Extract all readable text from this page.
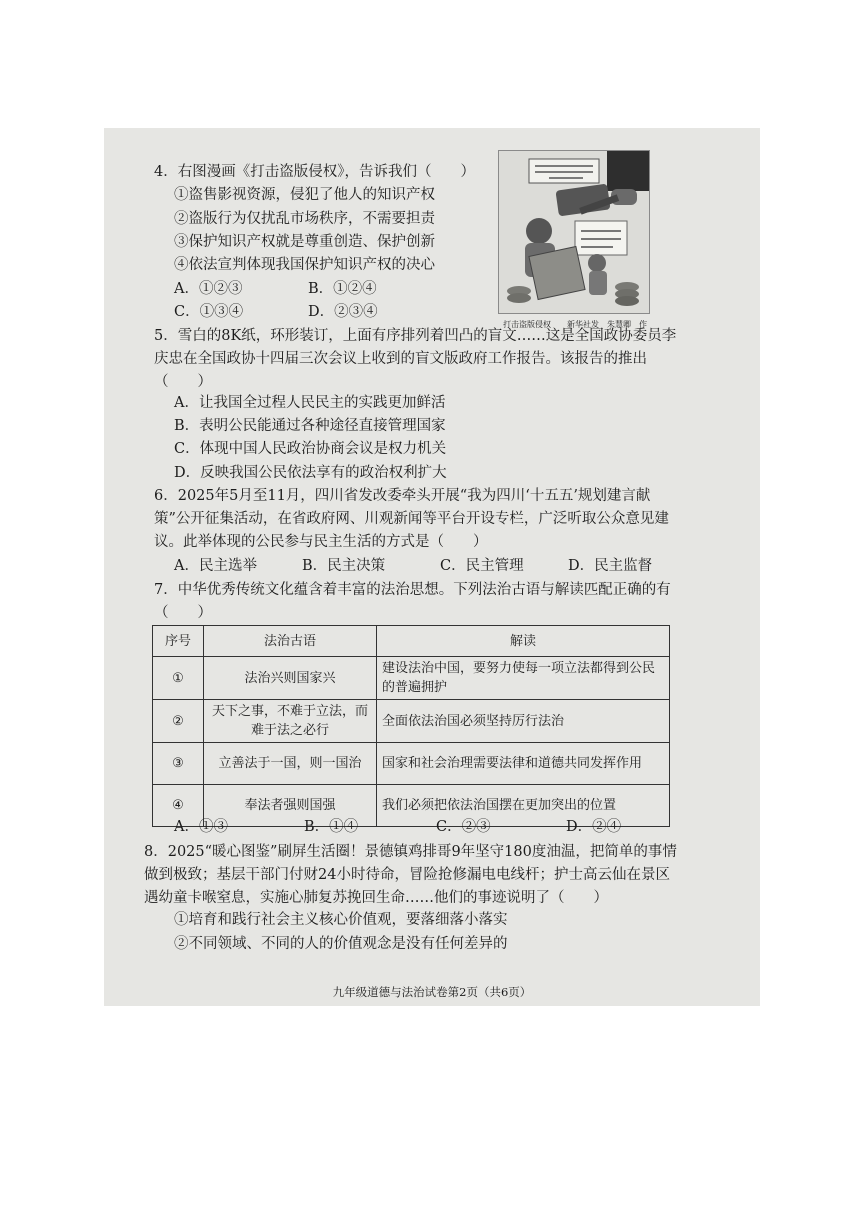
4．右图漫画《打击盗版侵权》，告诉我们（　　）
①盗售影视资源，侵犯了他人的知识产权
②盗版行为仅扰乱市场秩序，不需要担责
③保护知识产权就是尊重创造、保护创新
④依法宣判体现我国保护知识产权的决心
A．①②③	B．①②④
C．①③④	D．②③④
打击盗版侵权　　新华社发　朱慧卿　作
5．雪白的8K纸，环形装订，上面有序排列着凹凸的盲文……这是全国政协委员李庆忠在全国政协十四届三次会议上收到的盲文版政府工作报告。该报告的推出（　　）
A．让我国全过程人民民主的实践更加鲜活
B．表明公民能通过各种途径直接管理国家
C．体现中国人民政治协商会议是权力机关
D．反映我国公民依法享有的政治权利扩大
6．2025年5月至11月，四川省发改委牵头开展“我为四川‘十五五’规划建言献策”公开征集活动，在省政府网、川观新闻等平台开设专栏，广泛听取公众意见建议。此举体现的公民参与民主生活的方式是（　　）
A．民主选举	B．民主决策	C．民主管理	D．民主监督
7．中华优秀传统文化蕴含着丰富的法治思想。下列法治古语与解读匹配正确的有（　　）
序号	法治古语	解读
①	法治兴则国家兴	建设法治中国，要努力使每一项立法都得到公民的普遍拥护
②	天下之事，不难于立法，而难于法之必行	全面依法治国必须坚持厉行法治
③	立善法于一国，则一国治	国家和社会治理需要法律和道德共同发挥作用
④	奉法者强则国强	我们必须把依法治国摆在更加突出的位置
A．①③	B．①④	C．②③	D．②④
8．2025“暖心图鉴”刷屏生活圈！景德镇鸡排哥9年坚守180度油温，把简单的事情做到极致；基层干部门付财24小时待命，冒险抢修漏电电线杆；护士高云仙在景区遇幼童卡喉窒息，实施心肺复苏挽回生命……他们的事迹说明了（　　）
①培育和践行社会主义核心价值观，要落细落小落实
②不同领域、不同的人的价值观念是没有任何差异的
九年级道德与法治试卷第2页（共6页）
